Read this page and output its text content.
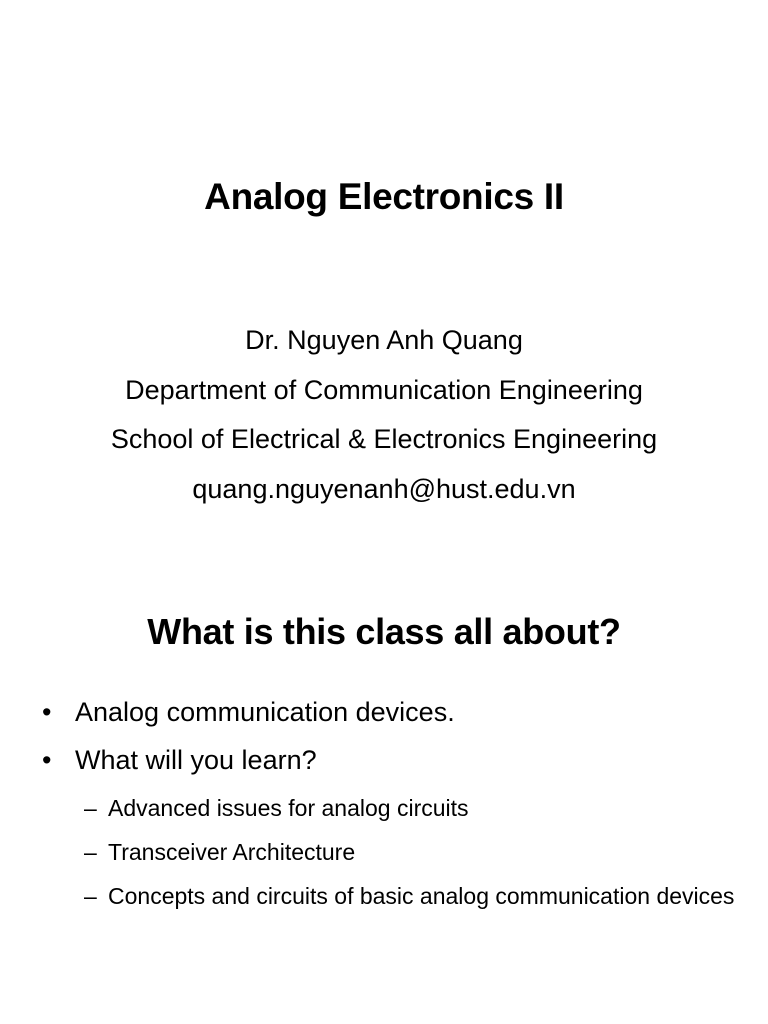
Analog Electronics II
Dr. Nguyen Anh Quang
Department of Communication Engineering
School of Electrical & Electronics Engineering
quang.nguyenanh@hust.edu.vn
What is this class all about?
• Analog communication devices.
• What will you learn?
– Advanced issues for analog circuits
– Transceiver Architecture
– Concepts and circuits of basic analog communication devices
